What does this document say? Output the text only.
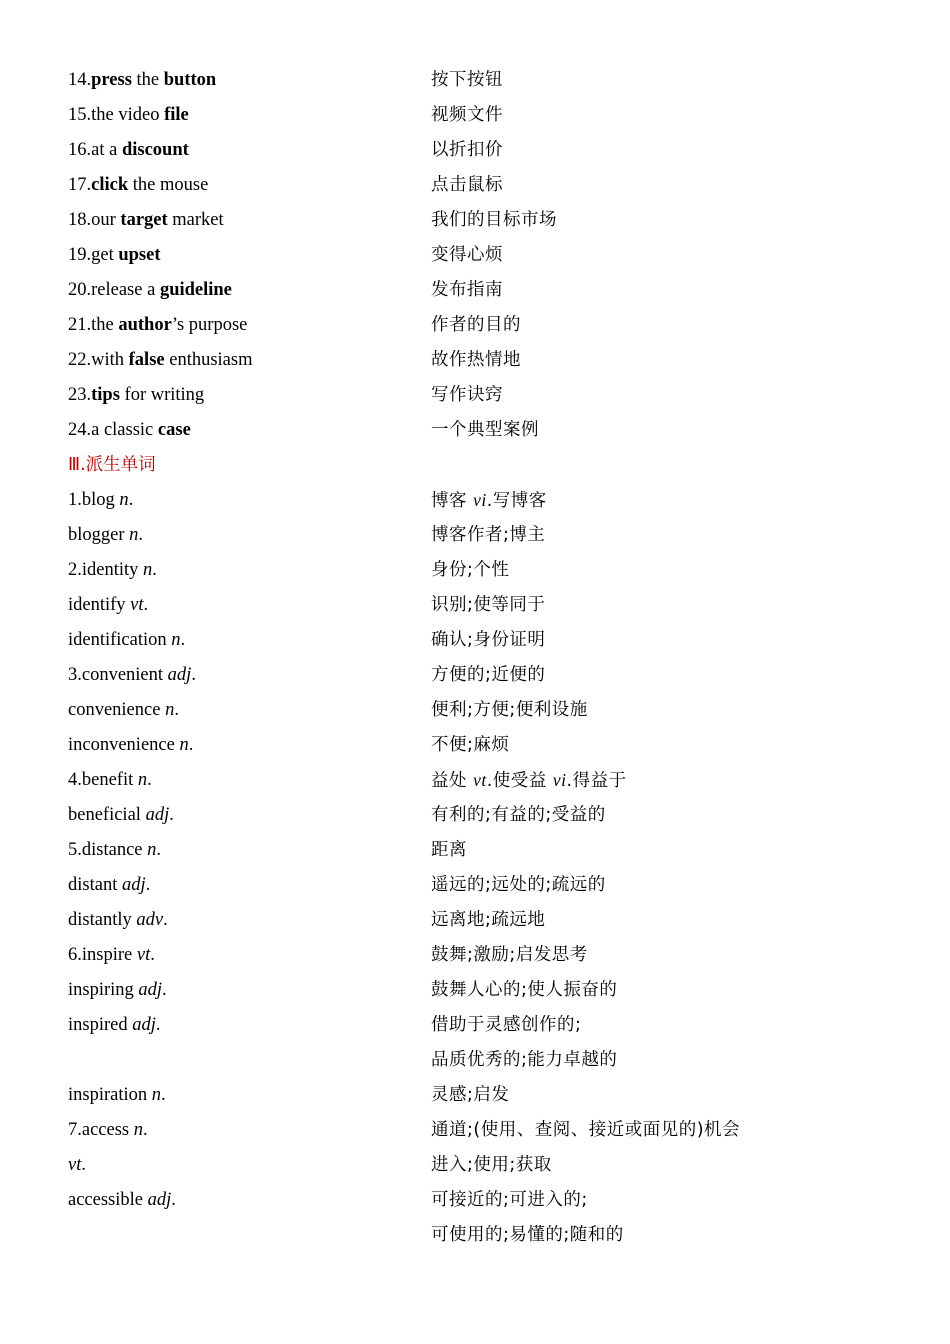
14.press the button	按下按钮
15.the video file	视频文件
16.at a discount	以折扣价
17.click the mouse	点击鼠标
18.our target market	我们的目标市场
19.get upset	变得心烦
20.release a guideline	发布指南
21.the author’s purpose	作者的目的
22.with false enthusiasm	故作热情地
23.tips for writing	写作诀窍
24.a classic case	一个典型案例
Ⅲ.派生单词
1.blog n.	博客 vi.写博客
blogger n.	博客作者;博主
2.identity n.	身份;个性
identify vt.	识别;使等同于
identification n.	确认;身份证明
3.convenient adj.	方便的;近便的
convenience n.	便利;方便;便利设施
inconvenience n.	不便;麻烦
4.benefit n.	益处 vt.使受益 vi.得益于
beneficial adj.	有利的;有益的;受益的
5.distance n.	距离
distant adj.	遥远的;远处的;疏远的
distantly adv.	远离地;疏远地
6.inspire vt.	鼓舞;激励;启发思考
inspiring adj.	鼓舞人心的;使人振奋的
inspired adj.	借助于灵感创作的;
品质优秀的;能力卓越的
inspiration n.	灵感;启发
7.access n.	通道;(使用、查阅、接近或面见的)机会
vt.	进入;使用;获取
accessible adj.	可接近的;可进入的;
可使用的;易懂的;随和的
